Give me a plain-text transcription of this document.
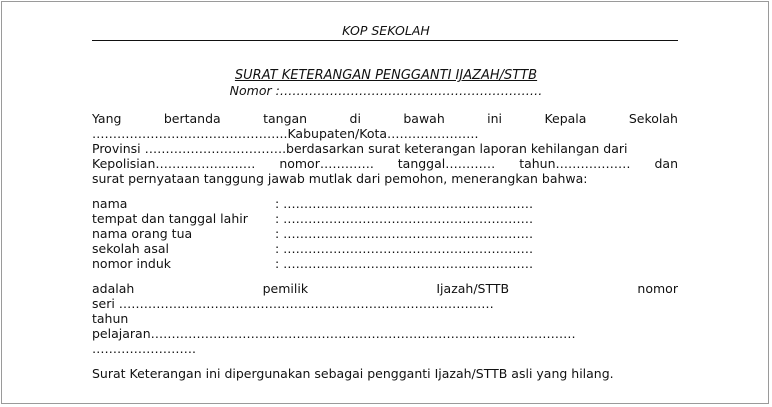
KOP SEKOLAH
SURAT KETERANGAN PENGGANTI IJAZAH/STTB
Nomor :………………………………………………………
Yang	bertanda	tangan	di	bawah	ini	Kepala	Sekolah
………………………………………..Kabupaten/Kota………………….
Provinsi …………………………….berdasarkan surat keterangan laporan kehilangan dari
Kepolisian…………………… nomor…………. tanggal………… tahun……………… dan
surat pernyataan tanggung jawab mutlak dari pemohon, menerangkan bahwa:
nama	: ……………………………………………………
tempat dan tanggal lahir : ……………………………………………………
nama orang tua	: ……………………………………………………
sekolah asal	: ……………………………………………………
nomor induk	: ……………………………………………………
adalah	pemilik	Ijazah/STTB	nomor
seri ………………………………………………………………………………
tahun
pelajaran…………………………………………………………………………………………
…………………….
Surat Keterangan ini dipergunakan sebagai pengganti Ijazah/STTB asli yang hilang.
